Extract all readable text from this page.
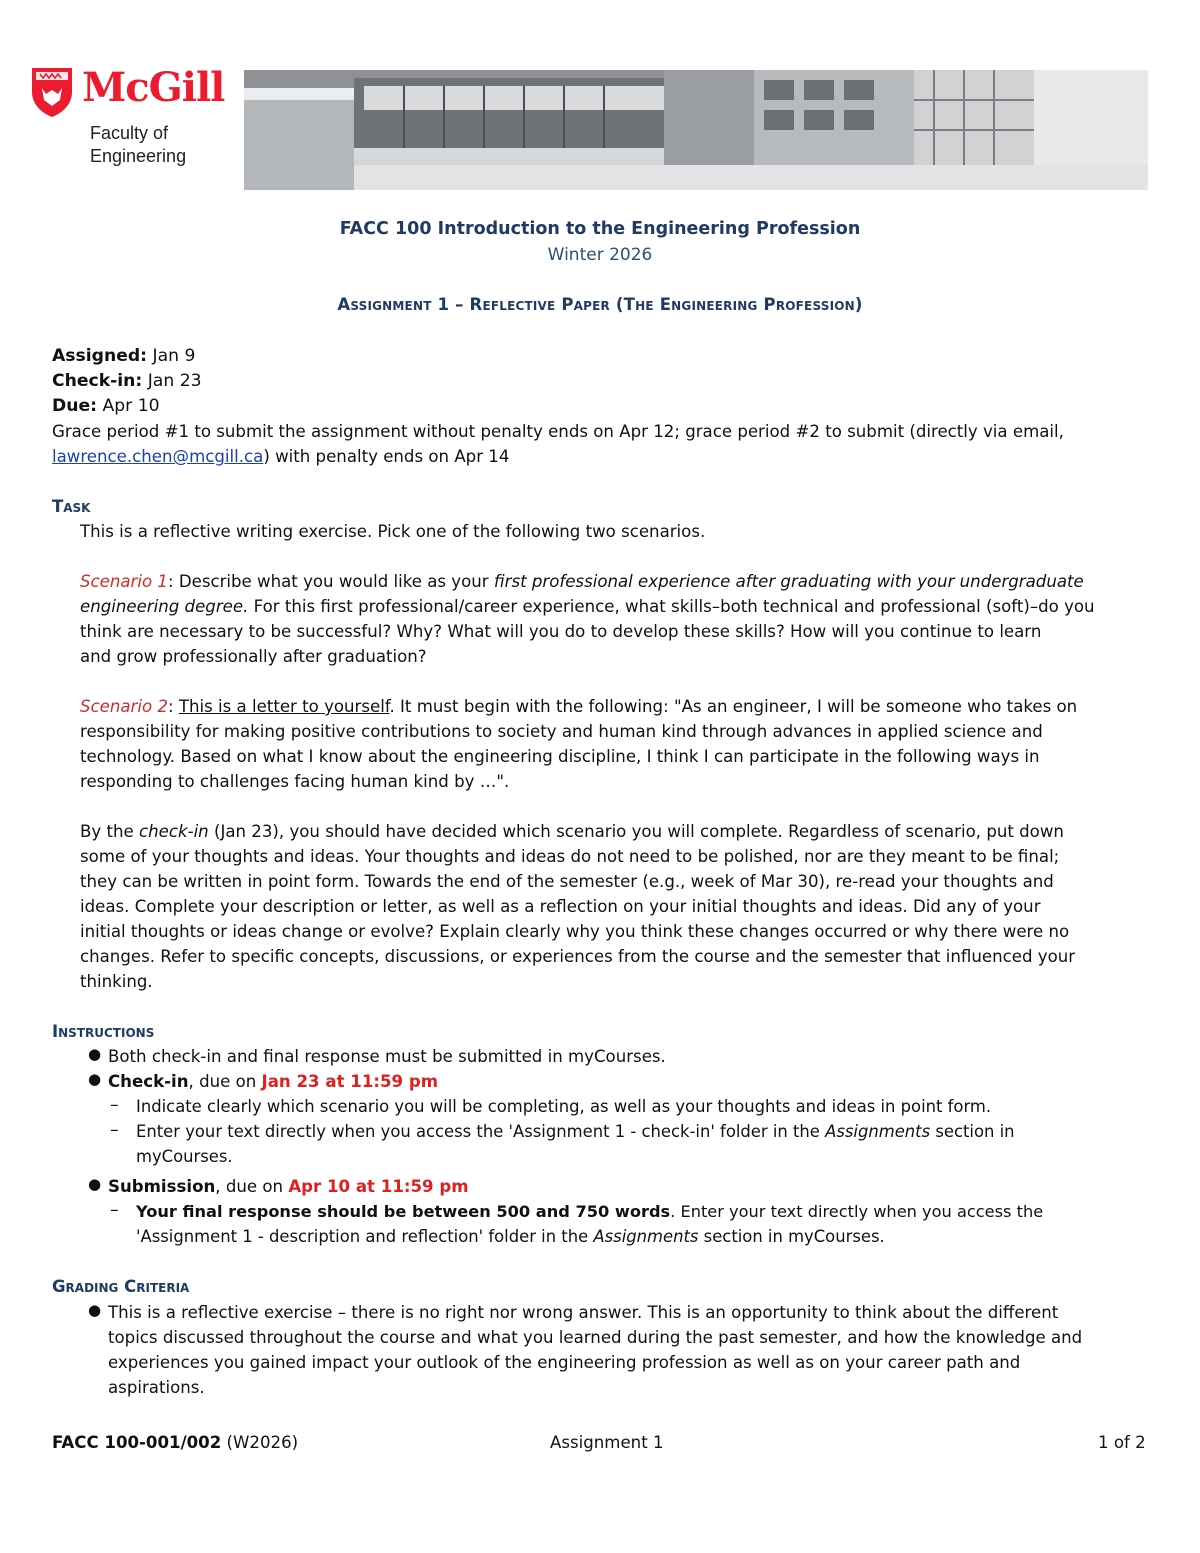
McGill
Faculty of
Engineering
FACC 100 Introduction to the Engineering Profession
Winter 2026
Assignment 1 – Reflective Paper (The Engineering Profession)
Assigned: Jan 9
Check-in: Jan 23
Due: Apr 10
Grace period #1 to submit the assignment without penalty ends on Apr 12; grace period #2 to submit (directly via email,
lawrence.chen@mcgill.ca) with penalty ends on Apr 14
Task
This is a reflective writing exercise. Pick one of the following two scenarios.
Scenario 1: Describe what you would like as your first professional experience after graduating with your undergraduate
engineering degree. For this first professional/career experience, what skills–both technical and professional (soft)–do you
think are necessary to be successful? Why? What will you do to develop these skills? How will you continue to learn
and grow professionally after graduation?
Scenario 2: This is a letter to yourself. It must begin with the following: "As an engineer, I will be someone who takes on
responsibility for making positive contributions to society and human kind through advances in applied science and
technology. Based on what I know about the engineering discipline, I think I can participate in the following ways in
responding to challenges facing human kind by …".
By the check-in (Jan 23), you should have decided which scenario you will complete. Regardless of scenario, put down
some of your thoughts and ideas. Your thoughts and ideas do not need to be polished, nor are they meant to be final;
they can be written in point form. Towards the end of the semester (e.g., week of Mar 30), re-read your thoughts and
ideas. Complete your description or letter, as well as a reflection on your initial thoughts and ideas. Did any of your
initial thoughts or ideas change or evolve? Explain clearly why you think these changes occurred or why there were no
changes. Refer to specific concepts, discussions, or experiences from the course and the semester that influenced your
thinking.
Instructions
● Both check-in and final response must be submitted in myCourses.
● Check-in, due on Jan 23 at 11:59 pm
– Indicate clearly which scenario you will be completing, as well as your thoughts and ideas in point form.
– Enter your text directly when you access the 'Assignment 1 - check-in' folder in the Assignments section in
myCourses.
● Submission, due on Apr 10 at 11:59 pm
– Your final response should be between 500 and 750 words. Enter your text directly when you access the
'Assignment 1 - description and reflection' folder in the Assignments section in myCourses.
Grading Criteria
● This is a reflective exercise – there is no right nor wrong answer. This is an opportunity to think about the different
topics discussed throughout the course and what you learned during the past semester, and how the knowledge and
experiences you gained impact your outlook of the engineering profession as well as on your career path and
aspirations.
FACC 100-001/002 (W2026)	Assignment 1	1 of 2
